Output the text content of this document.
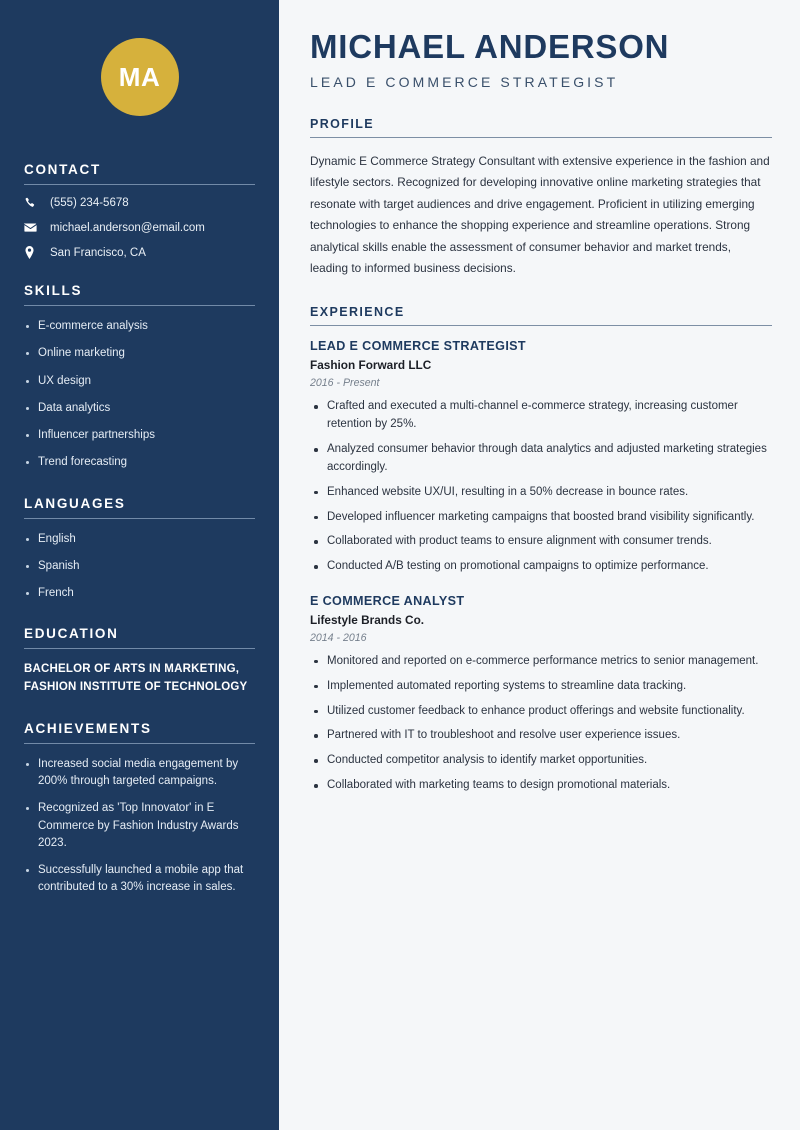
MA
CONTACT
(555) 234-5678
michael.anderson@email.com
San Francisco, CA
SKILLS
E-commerce analysis
Online marketing
UX design
Data analytics
Influencer partnerships
Trend forecasting
LANGUAGES
English
Spanish
French
EDUCATION
BACHELOR OF ARTS IN MARKETING, FASHION INSTITUTE OF TECHNOLOGY
ACHIEVEMENTS
Increased social media engagement by 200% through targeted campaigns.
Recognized as 'Top Innovator' in E Commerce by Fashion Industry Awards 2023.
Successfully launched a mobile app that contributed to a 30% increase in sales.
MICHAEL ANDERSON
LEAD E COMMERCE STRATEGIST
PROFILE

Dynamic E Commerce Strategy Consultant with extensive experience in the fashion and lifestyle sectors. Recognized for developing innovative online marketing strategies that resonate with target audiences and drive engagement. Proficient in utilizing emerging technologies to enhance the shopping experience and streamline operations. Strong analytical skills enable the assessment of consumer behavior and market trends, leading to informed business decisions.

EXPERIENCE
LEAD E COMMERCE STRATEGIST
Fashion Forward LLC
2016 - Present
Crafted and executed a multi-channel e-commerce strategy, increasing customer retention by 25%.
Analyzed consumer behavior through data analytics and adjusted marketing strategies accordingly.
Enhanced website UX/UI, resulting in a 50% decrease in bounce rates.
Developed influencer marketing campaigns that boosted brand visibility significantly.
Collaborated with product teams to ensure alignment with consumer trends.
Conducted A/B testing on promotional campaigns to optimize performance.
E COMMERCE ANALYST
Lifestyle Brands Co.
2014 - 2016
Monitored and reported on e-commerce performance metrics to senior management.
Implemented automated reporting systems to streamline data tracking.
Utilized customer feedback to enhance product offerings and website functionality.
Partnered with IT to troubleshoot and resolve user experience issues.
Conducted competitor analysis to identify market opportunities.
Collaborated with marketing teams to design promotional materials.
